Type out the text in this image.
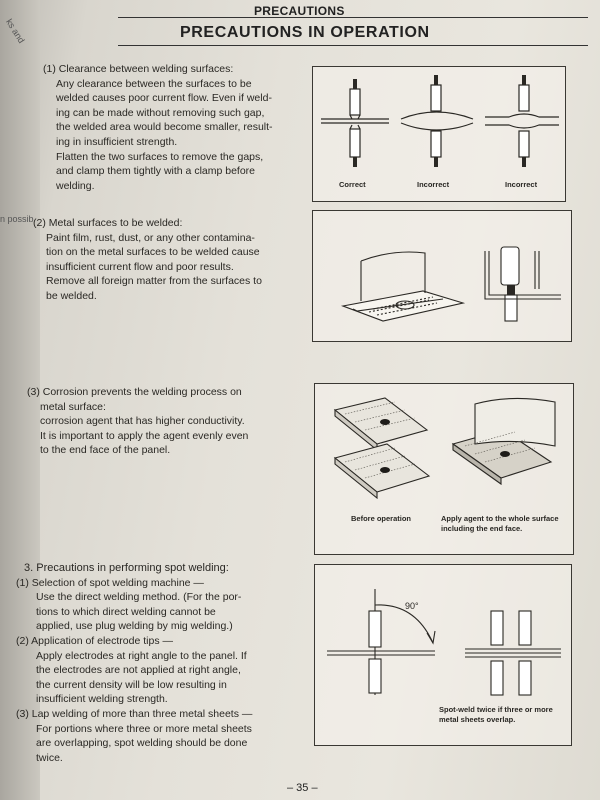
ks and
n possib
PRECAUTIONS
PRECAUTIONS IN OPERATION
(1) Clearance between welding surfaces:

Any clearance between the surfaces to be

welded causes poor current flow. Even if weld-

ing can be made without removing such gap,

the welded area would become smaller, result-

ing in insufficient strength.

Flatten the two surfaces to remove the gaps,

and clamp them tightly with a clamp before

welding.	Correct	Incorrect	Incorrect
(2) Metal surfaces to be welded:

Paint film, rust, dust, or any other contamina-

tion on the metal surfaces to be welded cause

insufficient current flow and poor results.

Remove all foreign matter from the surfaces to

be welded.

(3) Corrosion prevents the welding process on

metal surface:

corrosion agent that has higher conductivity.

It is important to apply the agent evenly even

to the end face of the panel.

Before operation	Apply agent to the whole surface including the end face.
3. Precautions in performing spot welding:
(1) Selection of spot welding machine —

Use the direct welding method. (For the por-

tions to which direct welding cannot be

applied, use plug welding by mig welding.)

(2) Application of electrode tips —

Apply electrodes at right angle to the panel. If

the electrodes are not applied at right angle,

the current density will be low resulting in

insufficient welding strength.

(3) Lap welding of more than three metal sheets —

For portions where three or more metal sheets

are overlapping, spot welding should be done

twice.

90°
Spot-weld twice if three or more metal sheets overlap.
– 35 –
